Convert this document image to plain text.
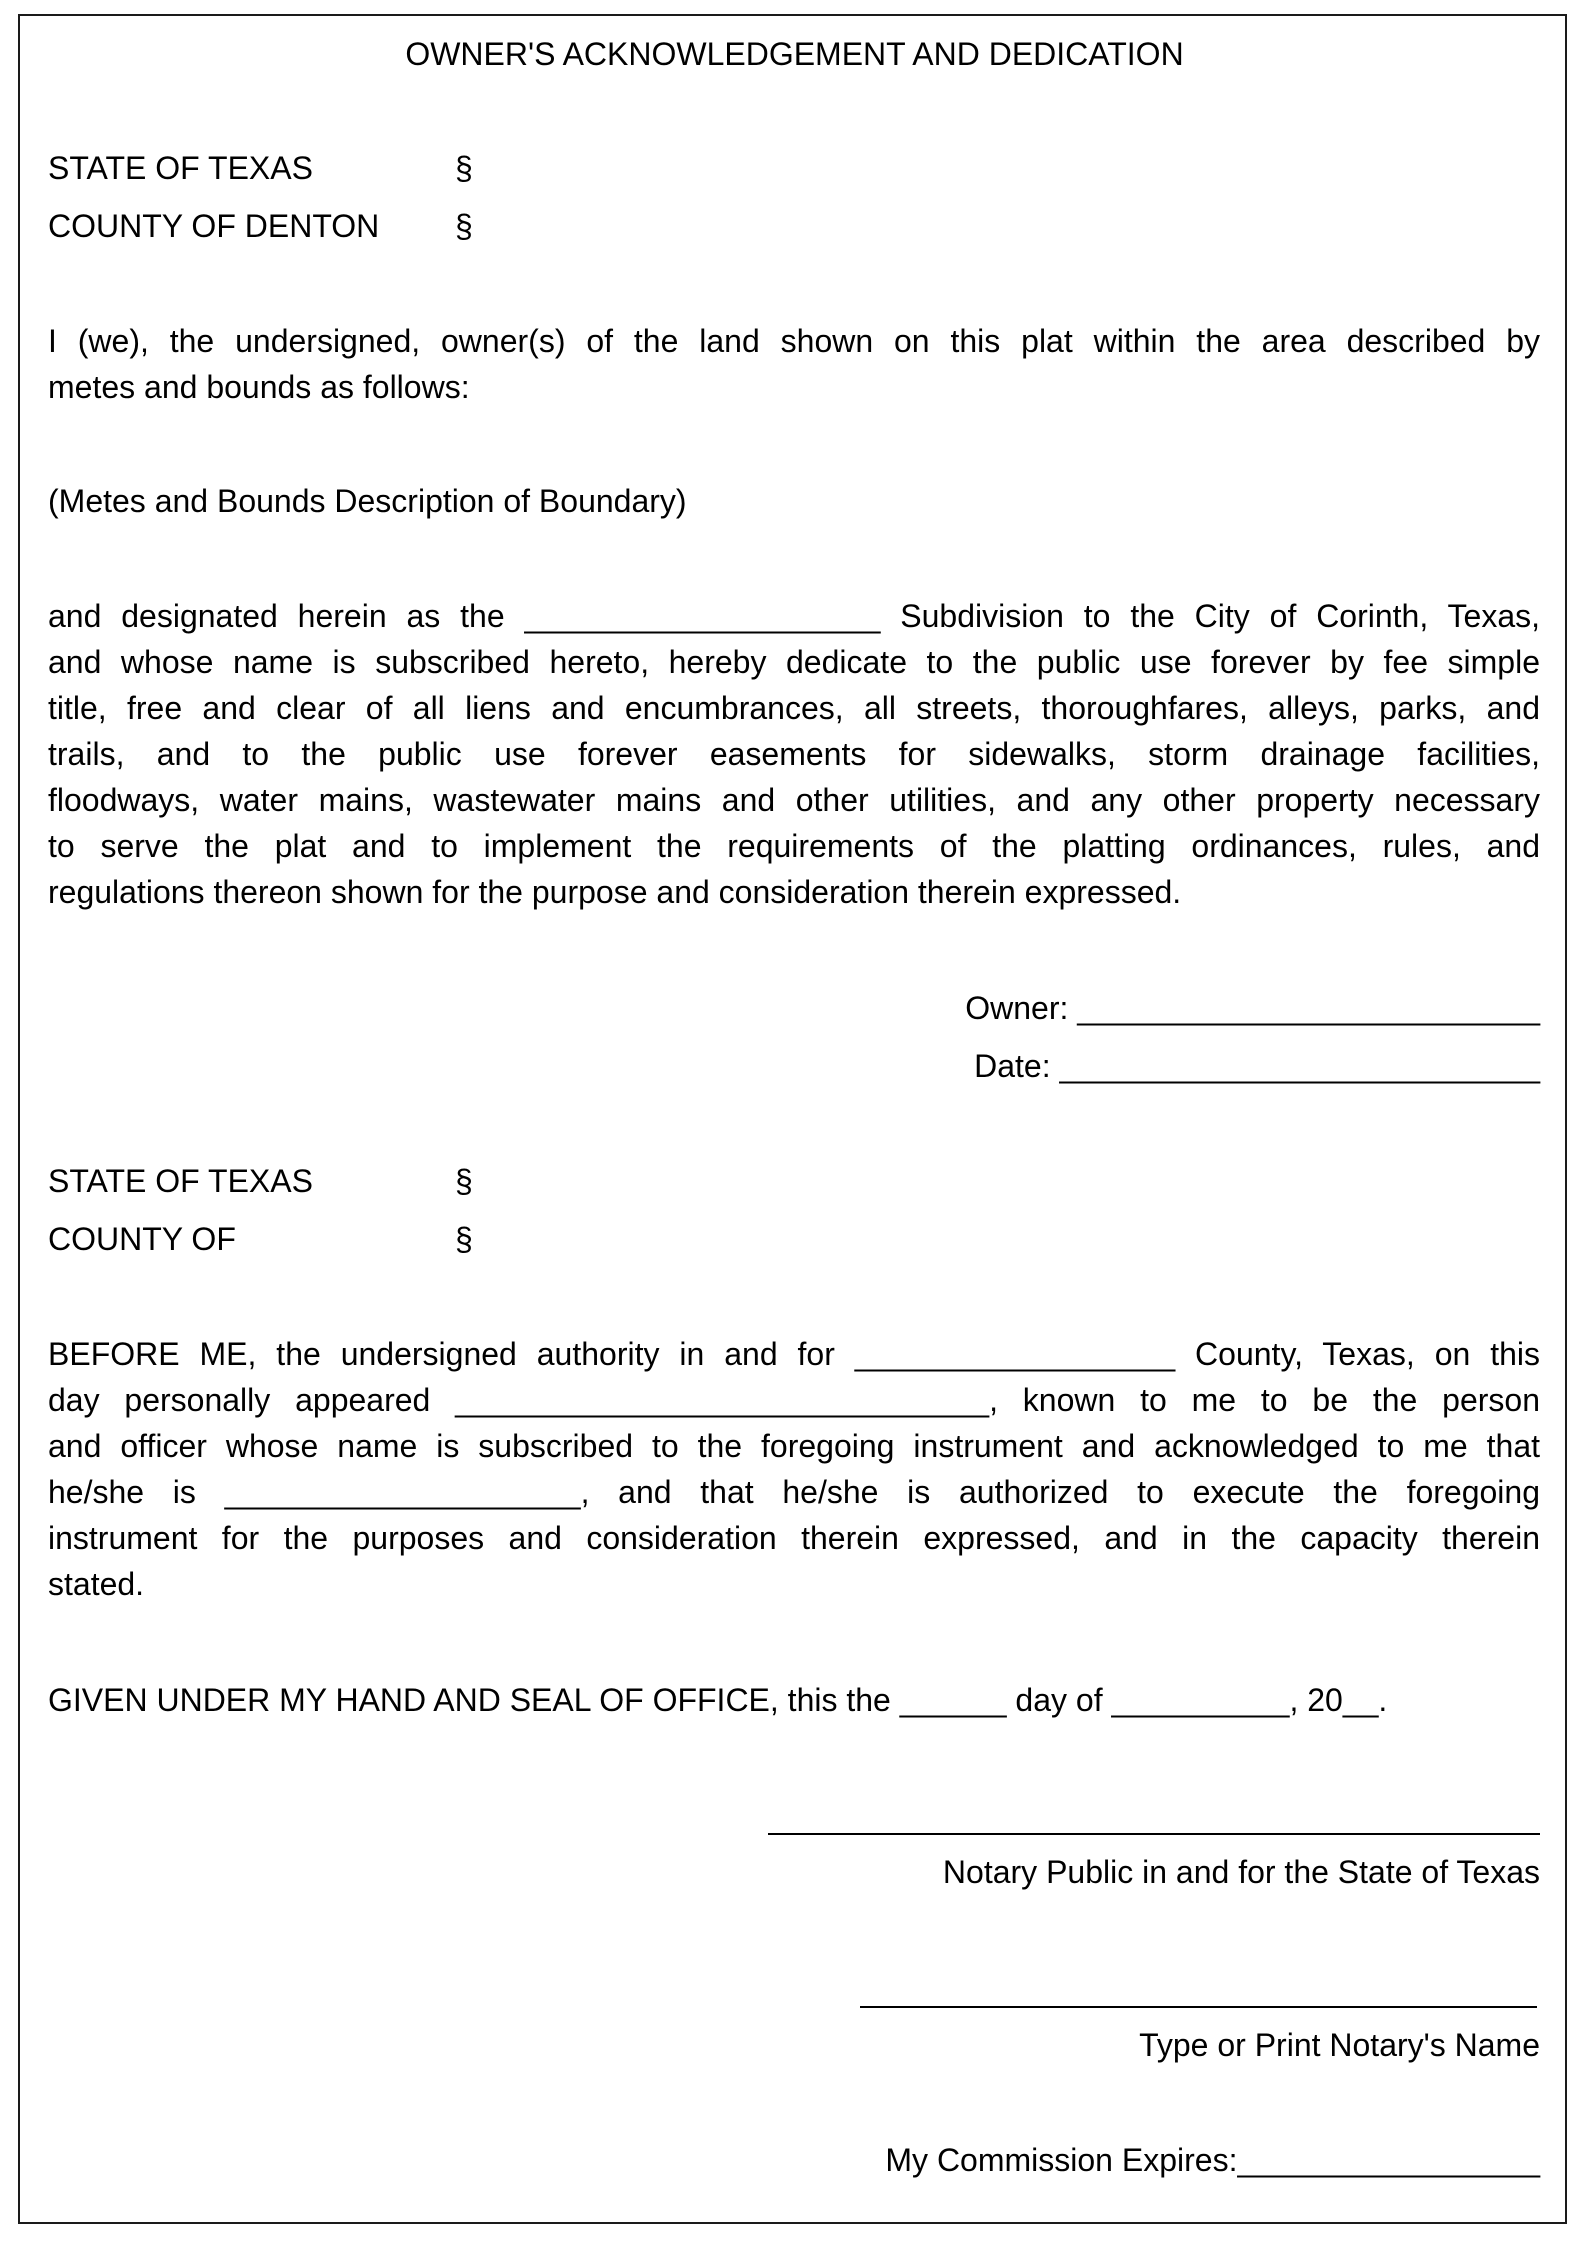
OWNER'S ACKNOWLEDGEMENT AND DEDICATION
STATE OF TEXAS	§
COUNTY OF DENTON §
I (we), the undersigned, owner(s) of the land shown on this plat within the area described by
metes and bounds as follows:
(Metes and Bounds Description of Boundary)
and designated herein as the ____________________ Subdivision to the City of Corinth, Texas,
and whose name is subscribed hereto, hereby dedicate to the public use forever by fee simple
title, free and clear of all liens and encumbrances, all streets, thoroughfares, alleys, parks, and
trails, and to the public use forever easements for sidewalks, storm drainage facilities,
floodways, water mains, wastewater mains and other utilities, and any other property necessary
to serve the plat and to implement the requirements of the platting ordinances, rules, and
regulations thereon shown for the purpose and consideration therein expressed.
Owner: __________________________
Date: ___________________________
STATE OF TEXAS	§
COUNTY OF	§
BEFORE ME, the undersigned authority in and for __________________ County, Texas, on this
day personally appeared ______________________________, known to me to be the person
and officer whose name is subscribed to the foregoing instrument and acknowledged to me that
he/she is ____________________, and that he/she is authorized to execute the foregoing
instrument for the purposes and consideration therein expressed, and in the capacity therein
stated.
GIVEN UNDER MY HAND AND SEAL OF OFFICE, this the ______ day of __________, 20__.
Notary Public in and for the State of Texas
Type or Print Notary's Name
My Commission Expires:_________________
